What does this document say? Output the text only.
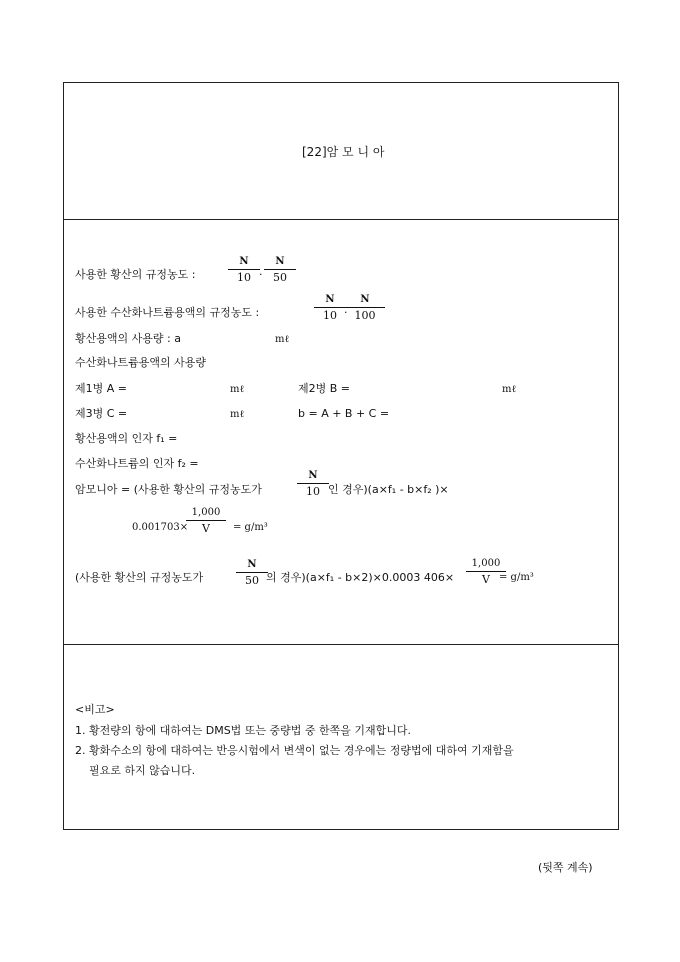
[22]암 모 니 아
사용한 황산의 규정농도 :
N
10 ·
N
50
사용한 수산화나트륨용액의 규정농도 :
N
10 ·
N
100
황산용액의 사용량 : a	mℓ
수산화나트륨용액의 사용량
제1병 A =	mℓ	제2병 B =	mℓ
제3병 C =	mℓ	b = A + B + C =
황산용액의 인자 f₁ =
수산화나트륨의 인자 f₂ =
암모니아 = (사용한 황산의 규정농도가
N
10 인 경우)(a×f₁ - b×f₂ )×
0.001703×
1,000
V	= g/m³
(사용한 황산의 규정농도가
N
50 의 경우)(a×f₁ - b×2)×0.0003 406×
1,000
V = g/m³
<비고>
1. 황전량의 항에 대하여는 DMS법 또는 중량법 중 한쪽을 기재합니다.
2. 황화수소의 항에 대하여는 반응시험에서 변색이 없는 경우에는 정량법에 대하여 기재함을
필요로 하지 않습니다.
(뒷쪽 계속)
